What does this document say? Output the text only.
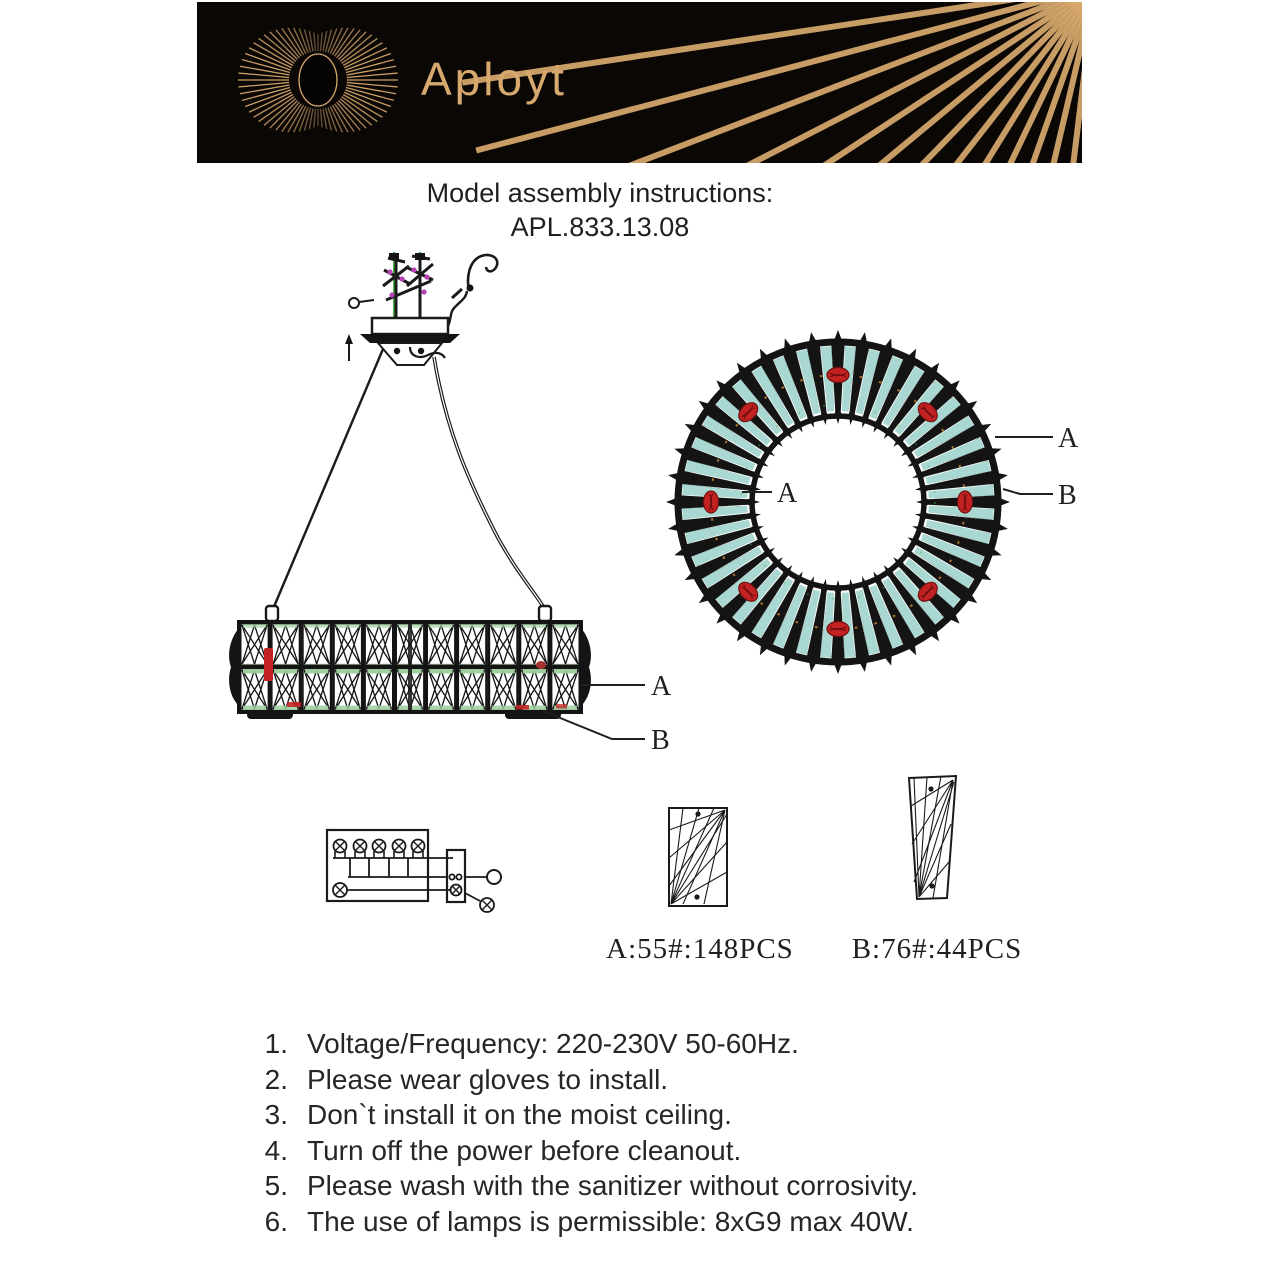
Aployt
Model assembly instructions:
APL.833.13.08
A
B
A
A
B
A:55#:148PCS B:76#:44PCS
1. Voltage/Frequency: 220-230V 50-60Hz.
2. Please wear gloves to install.
3. Don`t install it on the moist ceiling.
4. Turn off the power before cleanout.
5. Please wash with the sanitizer without corrosivity.
6. The use of lamps is permissible: 8xG9 max 40W.
